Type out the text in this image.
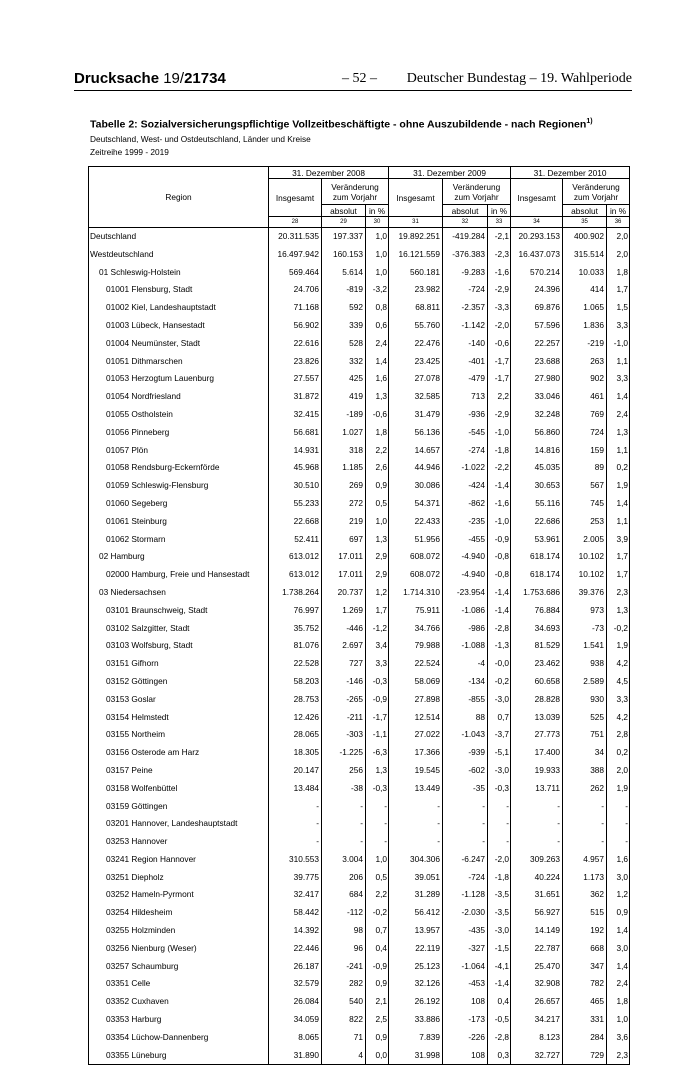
Drucksache 19/21734	– 52 – Deutscher Bundestag – 19. Wahlperiode
Tabelle 2: Sozialversicherungspflichtige Vollzeitbeschäftigte - ohne Auszubildende - nach Regionen$^{1)}$
Deutschland, West- und Ostdeutschland, Länder und Kreise
Zeitreihe 1999 - 2019
Region	31. Dezember 2008			31. Dezember 2009			31. Dezember 2010		
	Insgesamt	Veränderung zum Vorjahr		Insgesamt	Veränderung zum Vorjahr		Insgesamt	Veränderung zum Vorjahr	
		absolut	in %		absolut	in %		absolut	in %
	28	29	30	31	32	33	34	35	36
Deutschland	20.311.535	197.337	1,0	19.892.251	-419.284	-2,1	20.293.153	400.902	2,0
Westdeutschland	16.497.942	160.153	1,0	16.121.559	-376.383	-2,3	16.437.073	315.514	2,0
01 Schleswig-Holstein	569.464	5.614	1,0	560.181	-9.283	-1,6	570.214	10.033	1,8
01001 Flensburg, Stadt	24.706	-819	-3,2	23.982	-724	-2,9	24.396	414	1,7
01002 Kiel, Landeshauptstadt	71.168	592	0,8	68.811	-2.357	-3,3	69.876	1.065	1,5
01003 Lübeck, Hansestadt	56.902	339	0,6	55.760	-1.142	-2,0	57.596	1.836	3,3
01004 Neumünster, Stadt	22.616	528	2,4	22.476	-140	-0,6	22.257	-219	-1,0
01051 Dithmarschen	23.826	332	1,4	23.425	-401	-1,7	23.688	263	1,1
01053 Herzogtum Lauenburg	27.557	425	1,6	27.078	-479	-1,7	27.980	902	3,3
01054 Nordfriesland	31.872	419	1,3	32.585	713	2,2	33.046	461	1,4
01055 Ostholstein	32.415	-189	-0,6	31.479	-936	-2,9	32.248	769	2,4
01056 Pinneberg	56.681	1.027	1,8	56.136	-545	-1,0	56.860	724	1,3
01057 Plön	14.931	318	2,2	14.657	-274	-1,8	14.816	159	1,1
01058 Rendsburg-Eckernförde	45.968	1.185	2,6	44.946	-1.022	-2,2	45.035	89	0,2
01059 Schleswig-Flensburg	30.510	269	0,9	30.086	-424	-1,4	30.653	567	1,9
01060 Segeberg	55.233	272	0,5	54.371	-862	-1,6	55.116	745	1,4
01061 Steinburg	22.668	219	1,0	22.433	-235	-1,0	22.686	253	1,1
01062 Stormarn	52.411	697	1,3	51.956	-455	-0,9	53.961	2.005	3,9
02 Hamburg	613.012	17.011	2,9	608.072	-4.940	-0,8	618.174	10.102	1,7
02000 Hamburg, Freie und Hansestadt	613.012	17.011	2,9	608.072	-4.940	-0,8	618.174	10.102	1,7
03 Niedersachsen	1.738.264	20.737	1,2	1.714.310	-23.954	-1,4	1.753.686	39.376	2,3
03101 Braunschweig, Stadt	76.997	1.269	1,7	75.911	-1.086	-1,4	76.884	973	1,3
03102 Salzgitter, Stadt	35.752	-446	-1,2	34.766	-986	-2,8	34.693	-73	-0,2
03103 Wolfsburg, Stadt	81.076	2.697	3,4	79.988	-1.088	-1,3	81.529	1.541	1,9
03151 Gifhorn	22.528	727	3,3	22.524	-4	-0,0	23.462	938	4,2
03152 Göttingen	58.203	-146	-0,3	58.069	-134	-0,2	60.658	2.589	4,5
03153 Goslar	28.753	-265	-0,9	27.898	-855	-3,0	28.828	930	3,3
03154 Helmstedt	12.426	-211	-1,7	12.514	88	0,7	13.039	525	4,2
03155 Northeim	28.065	-303	-1,1	27.022	-1.043	-3,7	27.773	751	2,8
03156 Osterode am Harz	18.305	-1.225	-6,3	17.366	-939	-5,1	17.400	34	0,2
03157 Peine	20.147	256	1,3	19.545	-602	-3,0	19.933	388	2,0
03158 Wolfenbüttel	13.484	-38	-0,3	13.449	-35	-0,3	13.711	262	1,9
03159 Göttingen	-	-	-	-	-	-	-	-	-
03201 Hannover, Landeshauptstadt	-	-	-	-	-	-	-	-	-
03253 Hannover	-	-	-	-	-	-	-	-	-
03241 Region Hannover	310.553	3.004	1,0	304.306	-6.247	-2,0	309.263	4.957	1,6
03251 Diepholz	39.775	206	0,5	39.051	-724	-1,8	40.224	1.173	3,0
03252 Hameln-Pyrmont	32.417	684	2,2	31.289	-1.128	-3,5	31.651	362	1,2
03254 Hildesheim	58.442	-112	-0,2	56.412	-2.030	-3,5	56.927	515	0,9
03255 Holzminden	14.392	98	0,7	13.957	-435	-3,0	14.149	192	1,4
03256 Nienburg (Weser)	22.446	96	0,4	22.119	-327	-1,5	22.787	668	3,0
03257 Schaumburg	26.187	-241	-0,9	25.123	-1.064	-4,1	25.470	347	1,4
03351 Celle	32.579	282	0,9	32.126	-453	-1,4	32.908	782	2,4
03352 Cuxhaven	26.084	540	2,1	26.192	108	0,4	26.657	465	1,8
03353 Harburg	34.059	822	2,5	33.886	-173	-0,5	34.217	331	1,0
03354 Lüchow-Dannenberg	8.065	71	0,9	7.839	-226	-2,8	8.123	284	3,6
03355 Lüneburg	31.890	4	0,0	31.998	108	0,3	32.727	729	2,3
